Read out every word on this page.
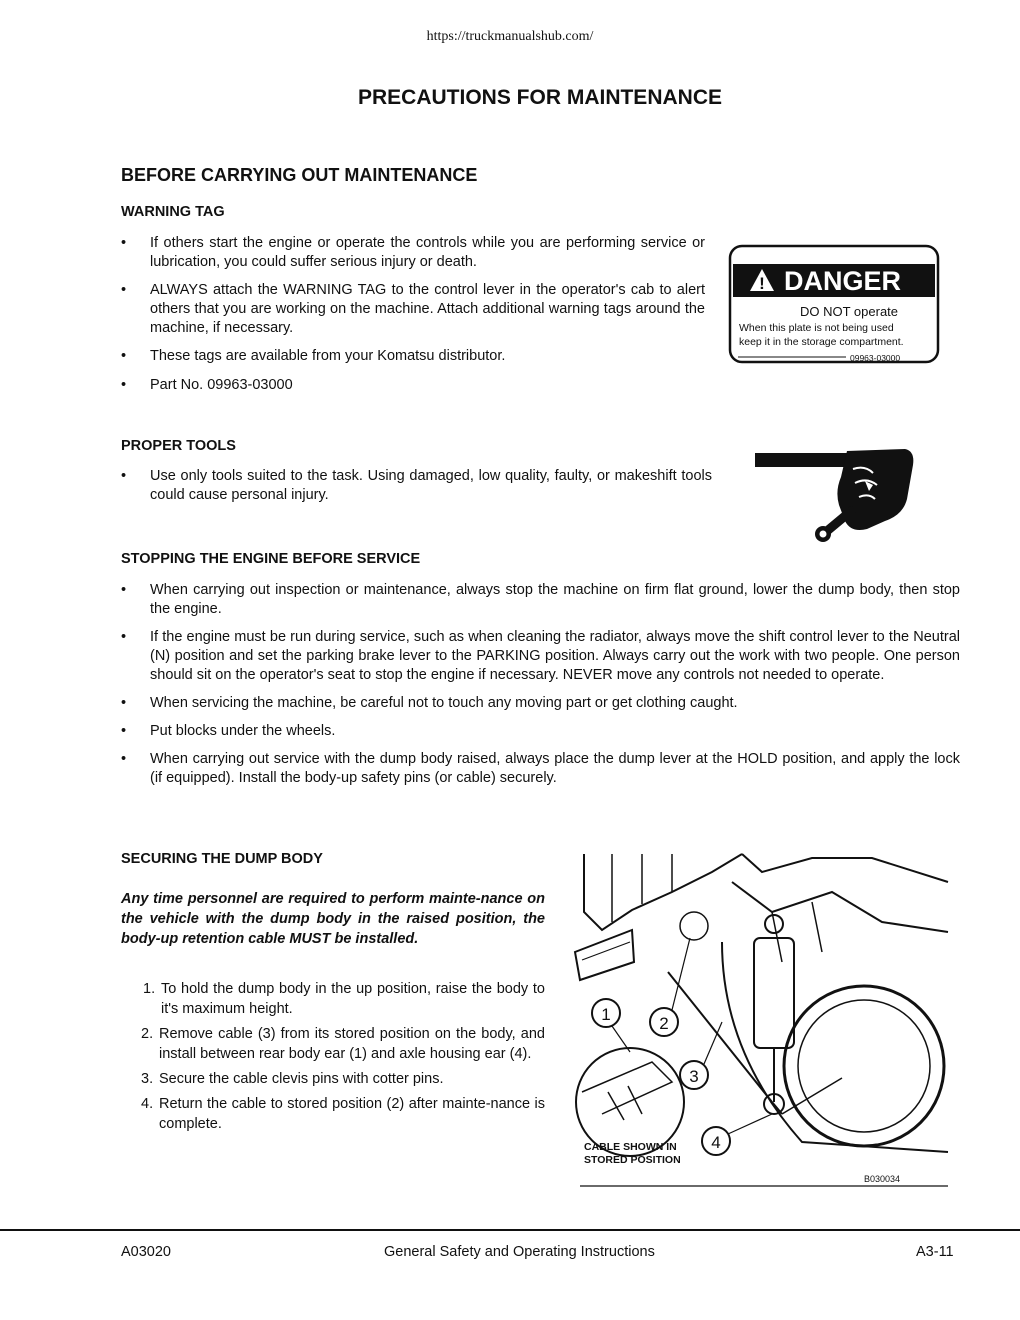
https://truckmanualshub.com/
PRECAUTIONS FOR MAINTENANCE
BEFORE CARRYING OUT MAINTENANCE
WARNING TAG
• If others start the engine or operate the controls while you are performing service or lubrication, you could suffer serious injury or death.
• ALWAYS attach the WARNING TAG to the control lever in the operator's cab to alert others that you are working on the machine. Attach additional warning tags around the machine, if necessary.
• These tags are available from your Komatsu distributor.
• Part No. 09963-03000
! DANGER
DO NOT operate
When this plate is not being used
keep it in the storage compartment.
09963-03000
PROPER TOOLS
• Use only tools suited to the task. Using damaged, low quality, faulty, or makeshift tools could cause personal injury.
STOPPING THE ENGINE BEFORE SERVICE
• When carrying out inspection or maintenance, always stop the machine on firm flat ground, lower the dump body, then stop the engine.
• If the engine must be run during service, such as when cleaning the radiator, always move the shift control lever to the Neutral (N) position and set the parking brake lever to the PARKING position. Always carry out the work with two people. One person should sit on the operator's seat to stop the engine if necessary. NEVER move any controls not needed to operate.
• When servicing the machine, be careful not to touch any moving part or get clothing caught.
• Put blocks under the wheels.
• When carrying out service with the dump body raised, always place the dump lever at the HOLD position, and apply the lock (if equipped). Install the body-up safety pins (or cable) securely.
SECURING THE DUMP BODY
Any time personnel are required to perform mainte-nance on the vehicle with the dump body in the raised position, the body-up retention cable MUST be installed.
1. To hold the dump body in the up position, raise the body to it's maximum height.
2. Remove cable (3) from its stored position on the body, and install between rear body ear (1) and axle housing ear (4).
3. Secure the cable clevis pins with cotter pins.
4. Return the cable to stored position (2) after mainte-nance is complete.
1	2
3
4
CABLE SHOWN IN
STORED POSITION
B030034
A03020	General Safety and Operating Instructions	A3-11
